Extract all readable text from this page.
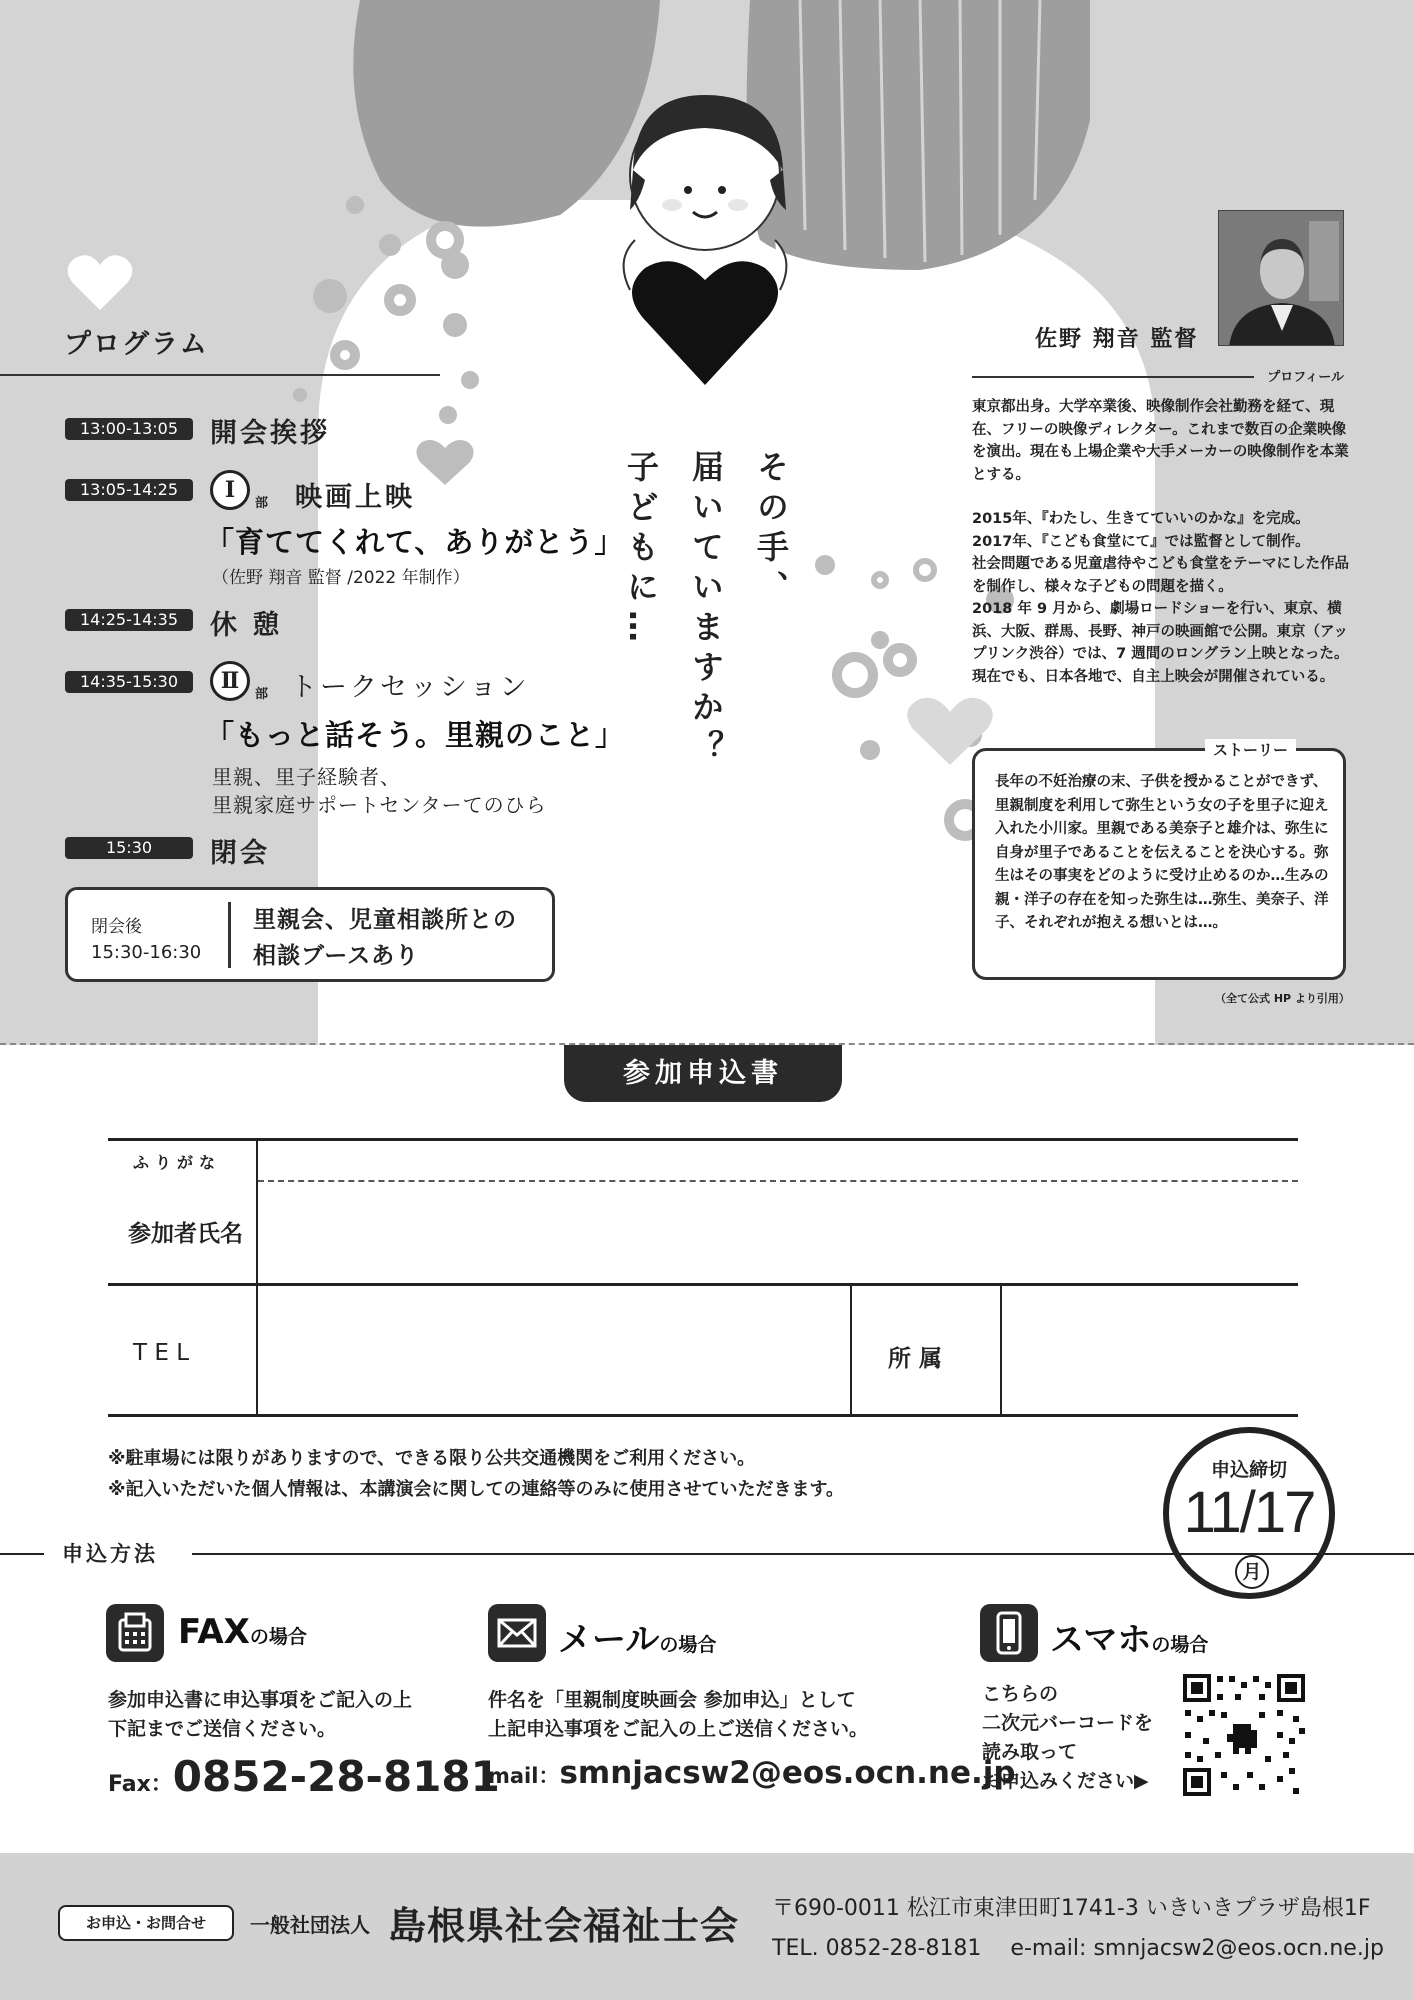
プログラム
13:00-13:05	開会挨拶
13:05-14:25	Ⅰ
部 映画上映
「育ててくれて、ありがとう」
（佐野 翔音 監督 /2022 年制作）
14:25-14:35	休 憩
14:35-15:30	Ⅱ
部 トークセッション
「もっと話そう。里親のこと」
里親、里子経験者、
里親家庭サポートセンターてのひら
15:30	閉会
閉会後
15:30-16:30
里親会、児童相談所との
相談ブースあり
その手、
届いていますか？
子どもに…
佐野 翔音 監督
プロフィール

東京都出身。大学卒業後、映像制作会社勤務を経て、現在、フリーの映像ディレクター。これまで数百の企業映像を演出。現在も上場企業や大手メーカーの映像制作を本業とする。

2015年、『わたし、生きてていいのかな』を完成。

2017年、『こども食堂にて』では監督として制作。

社会問題である児童虐待やこども食堂をテーマにした作品を制作し、様々な子どもの問題を描く。

2018 年 9 月から、劇場ロードショーを行い、東京、横浜、大阪、群馬、長野、神戸の映画館で公開。東京（アップリンク渋谷）では、7 週間のロングラン上映となった。現在でも、日本各地で、自主上映会が開催されている。

ストーリー
長年の不妊治療の末、子供を授かることができず、里親制度を利用して弥生という女の子を里子に迎え入れた小川家。里親である美奈子と雄介は、弥生に自身が里子であることを伝えることを決心する。弥生はその事実をどのように受け止めるのか…生みの親・洋子の存在を知った弥生は…弥生、美奈子、洋子、それぞれが抱える想いとは…。
（全て公式 HP より引用）
参加申込書
ふりがな
参加者氏名
T E L	所 属
※駐車場には限りがありますので、できる限り公共交通機関をご利用ください。
※記入いただいた個人情報は、本講演会に関しての連絡等のみに使用させていただきます。
申込締切
11/17
月
申込方法
FAXの場合
参加申込書に申込事項をご記入の上
下記までご送信ください。
Fax：0852-28-8181
メールの場合
件名を「里親制度映画会 参加申込」として
上記申込事項をご記入の上ご送信ください。
mail：smnjacsw2@eos.ocn.ne.jp
スマホの場合
こちらの
二次元バーコードを
読み取って
お申込みください▶
お申込・お問合せ	一般社団法人 島根県社会福祉士会 〒690-0011 松江市東津田町1741-3 いきいきプラザ島根1F
TEL. 0852-28-8181　 e-mail: smnjacsw2@eos.ocn.ne.jp
